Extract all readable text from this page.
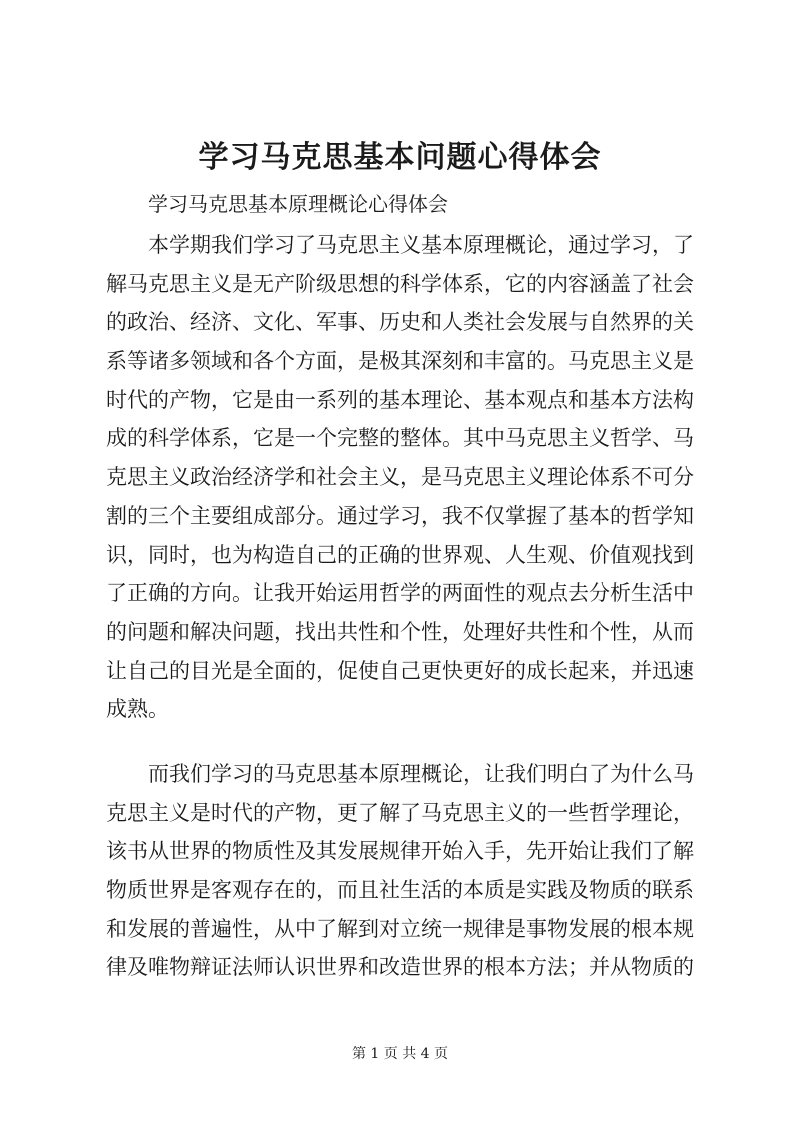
学习马克思基本问题心得体会
学习马克思基本原理概论心得体会
本学期我们学习了马克思主义基本原理概论，通过学习，了
解马克思主义是无产阶级思想的科学体系，它的内容涵盖了社会
的政治、经济、文化、军事、历史和人类社会发展与自然界的关
系等诸多领域和各个方面，是极其深刻和丰富的。马克思主义是
时代的产物，它是由一系列的基本理论、基本观点和基本方法构
成的科学体系，它是一个完整的整体。其中马克思主义哲学、马
克思主义政治经济学和社会主义，是马克思主义理论体系不可分
割的三个主要组成部分。通过学习，我不仅掌握了基本的哲学知
识，同时，也为构造自己的正确的世界观、人生观、价值观找到
了正确的方向。让我开始运用哲学的两面性的观点去分析生活中
的问题和解决问题，找出共性和个性，处理好共性和个性，从而
让自己的目光是全面的，促使自己更快更好的成长起来，并迅速
成熟。
而我们学习的马克思基本原理概论，让我们明白了为什么马
克思主义是时代的产物，更了解了马克思主义的一些哲学理论，
该书从世界的物质性及其发展规律开始入手，先开始让我们了解
物质世界是客观存在的，而且社生活的本质是实践及物质的联系
和发展的普遍性，从中了解到对立统一规律是事物发展的根本规
律及唯物辩证法师认识世界和改造世界的根本方法；并从物质的
第 1 页 共 4 页
